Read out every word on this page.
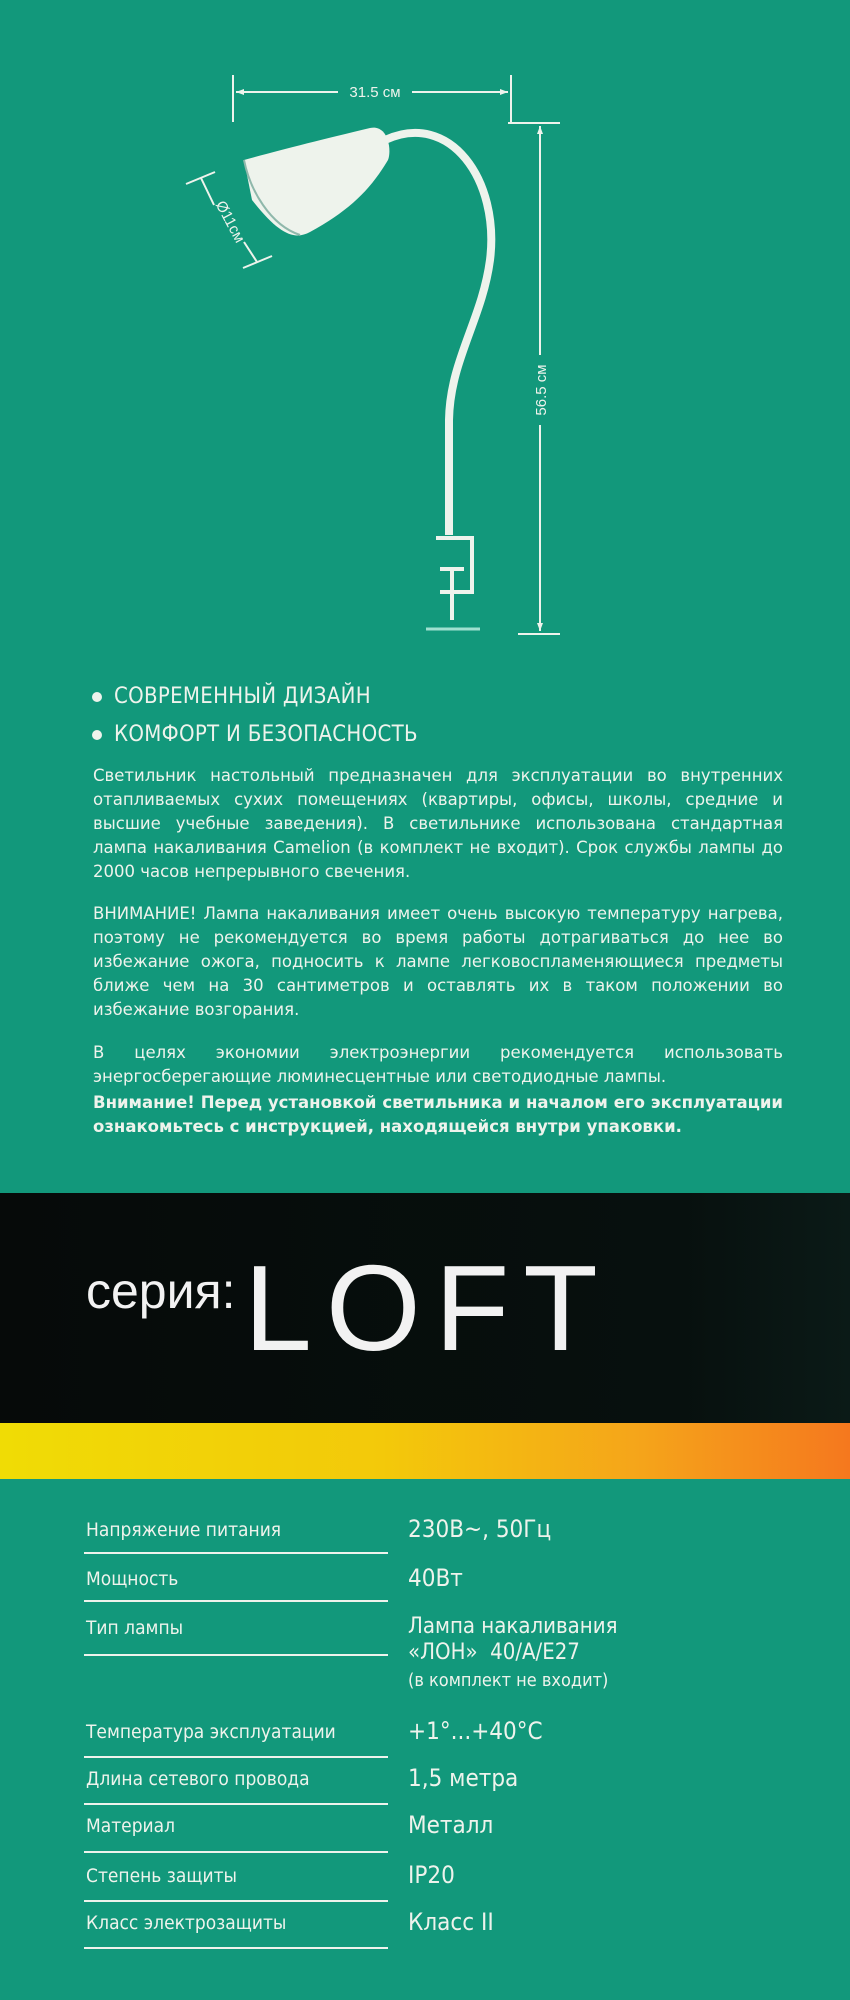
31.5 см
56.5 см
Ø11см
СОВРЕМЕННЫЙ ДИЗАЙН
КОМФОРТ И БЕЗОПАСНОСТЬ
Светильник настольный предназначен для эксплуатации во внутренних отапливаемых сухих помещениях (квартиры, офисы, школы, средние и высшие учебные заведения). В светильнике использована стандартная лампа накаливания Camelion (в комплект не входит). Срок службы лампы до 2000 часов непрерывного свечения.
ВНИМАНИЕ! Лампа накаливания имеет очень высокую температуру нагрева, поэтому не рекомендуется во время работы дотрагиваться до нее во избежание ожога, подносить к лампе легковоспламеняющиеся предметы ближе чем на 30 сантиметров и оставлять их в таком положении во избежание возгорания.
В целях экономии электроэнергии рекомендуется использовать энергосберегающие люминесцентные или светодиодные лампы.
Внимание! Перед установкой светильника и началом его эксплуатации ознакомьтесь с инструкцией, находящейся внутри упаковки.
серия: LOFT
Напряжение питания	230В~, 50Гц
Мощность	40Вт
Тип лампы	Лампа накаливания
«ЛОН»  40/A/E27
(в комплект не входит)
Температура эксплуатации	+1°...+40°С
Длина сетевого провода	1,5 метра
Материал	Металл
Степень защиты	IP20
Класс электрозащиты	Класс II
